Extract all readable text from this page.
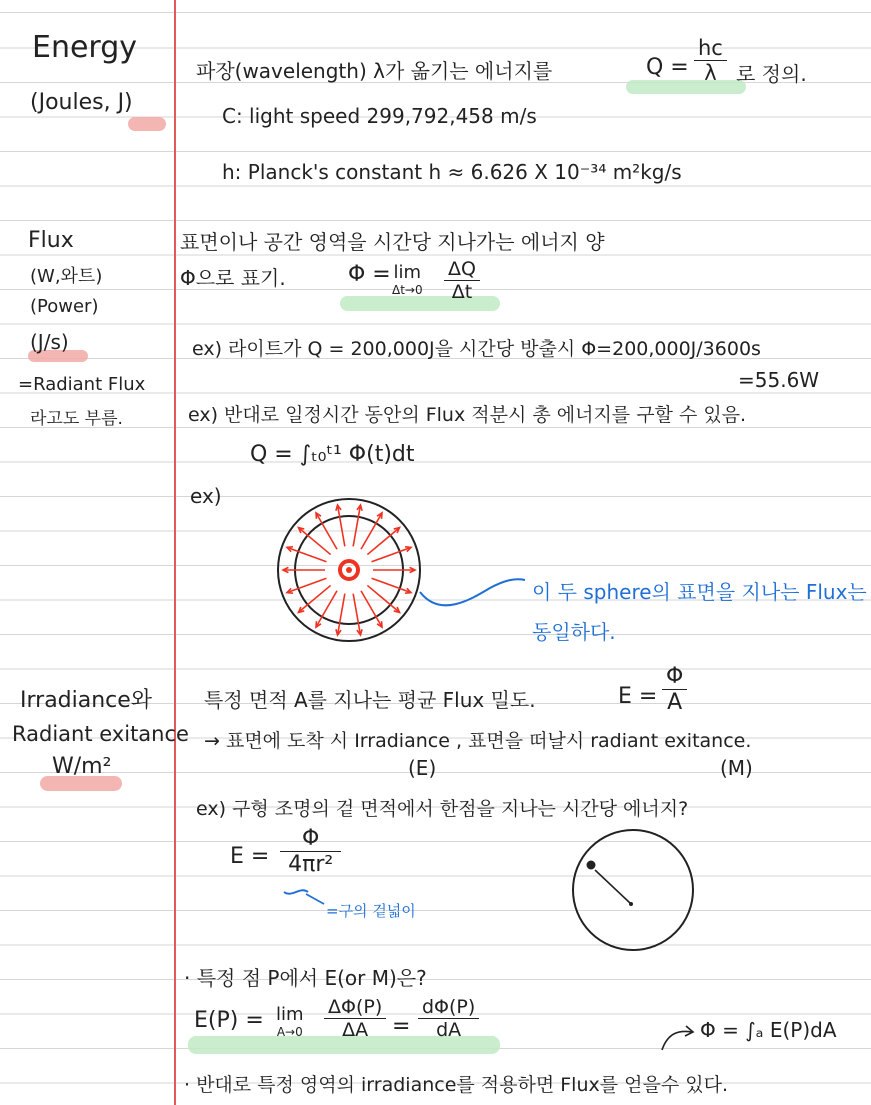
Energy
(Joules, J)
Flux
(W,와트)
(Power)
(J/s)
=Radiant Flux
라고도 부름.
Irradiance와
Radiant exitance
W/m²
파장(wavelength) λ가 옮기는 에너지를	$Q = \frac{hc}{\lambda}$ 로 정의.
C: light speed 299,792,458 m/s
h: Planck's constant h ≈ 6.626 X 10⁻³⁴ m²kg/s
표면이나 공간 영역을 시간당 지나가는 에너지 양
Φ으로 표기.	Φ = lim
$\Delta t\to 0 \frac{\Delta Q}{\Delta t}$
ex) 라이트가 Q = 200,000J을 시간당 방출시 Φ=200,000J/3600s
=55.6W
ex) 반대로 일정시간 동안의 Flux 적분시 총 에너지를 구할 수 있음.
Q = ∫ₜ₀ᵗ¹ Φ(t)dt
ex)
이 두 sphere의 표면을 지나는 Flux는
동일하다.
특정 면적 A를 지나는 평균 Flux 밀도.	$E = \frac{\Phi}{A}$
→ 표면에 도착 시 Irradiance , 표면을 떠날시 radiant exitance.
(E)	(M)
ex) 구형 조명의 겉 면적에서 한점을 지나는 시간당 에너지?
$E = \frac{\Phi}{\text{4πr²}}$
=구의 겉넓이
· 특정 점 P에서 E(or M)은?
E(P) = lim
$A\to 0 \frac{\Delta\Phi(P)}{\Delta A} = \frac{d\Phi(P)}{dA}$	Φ = ∫ₐ E(P)dA
· 반대로 특정 영역의 irradiance를 적용하면 Flux를 얻을수 있다.
